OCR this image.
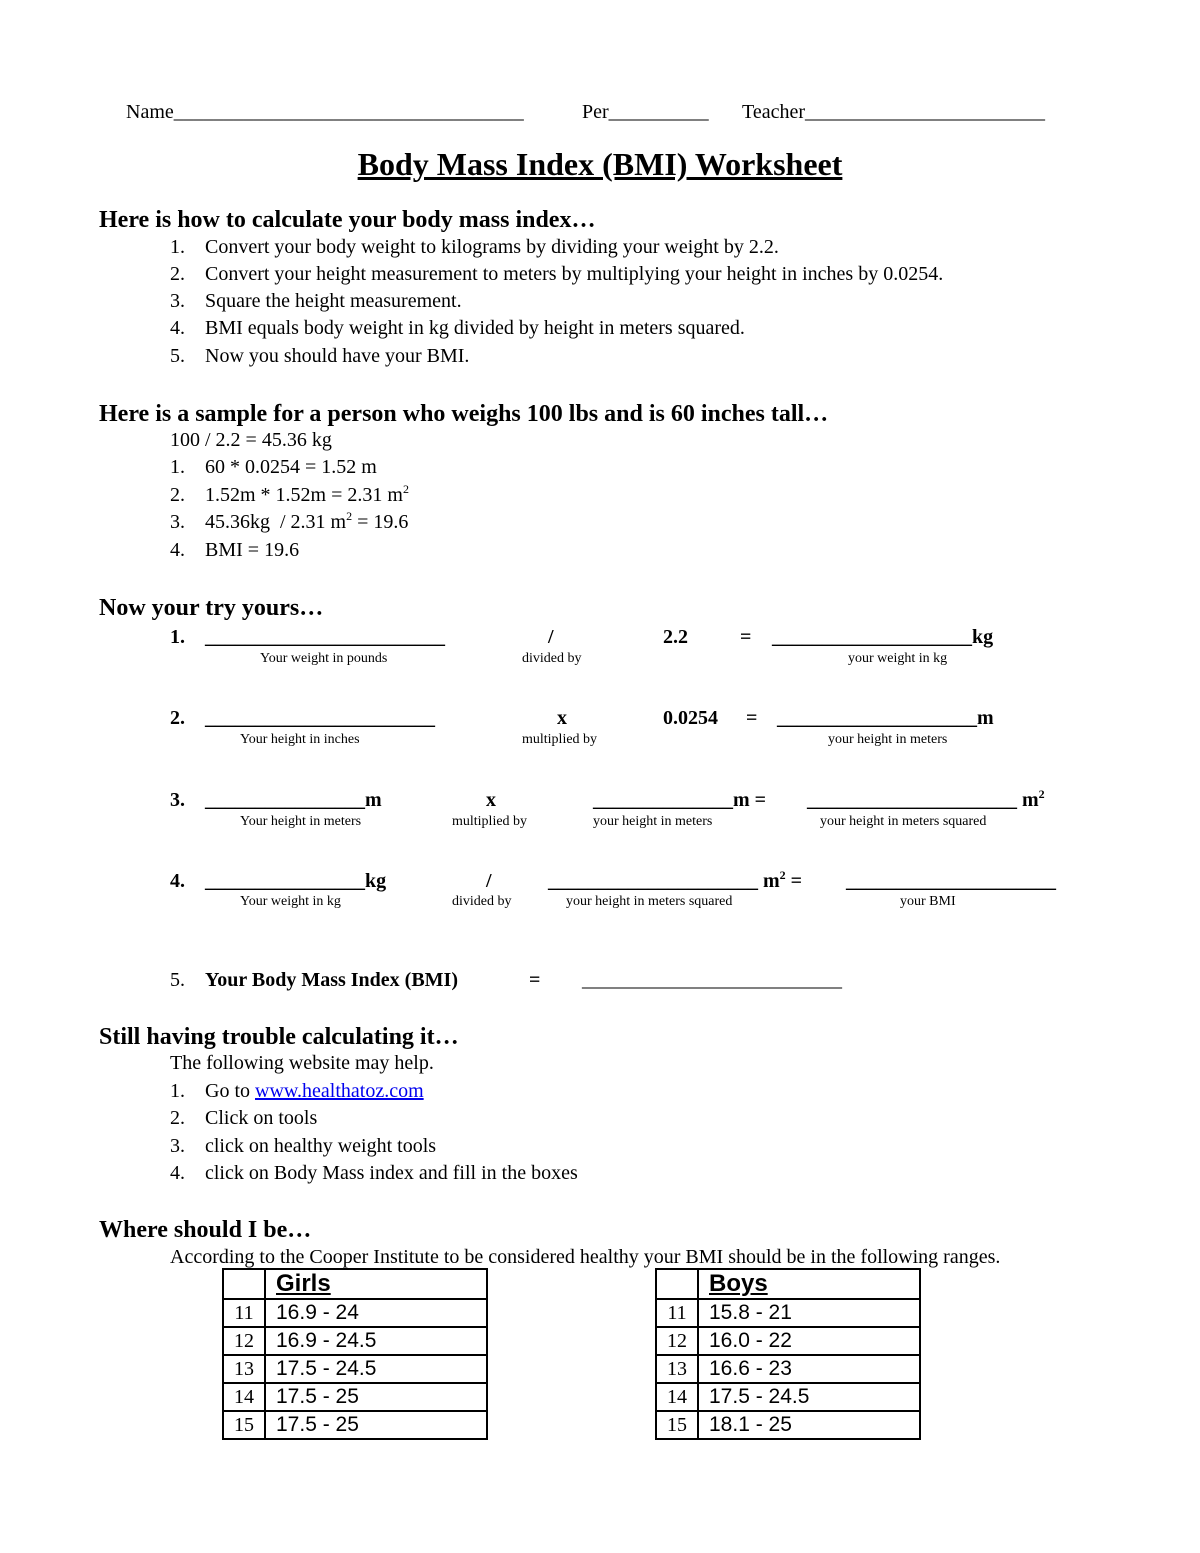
Name___________________________________	Per__________ Teacher________________________
Body Mass Index (BMI) Worksheet
Here is how to calculate your body mass index…
1. Convert your body weight to kilograms by dividing your weight by 2.2.
2. Convert your height measurement to meters by multiplying your height in inches by 0.0254.
3. Square the height measurement.
4. BMI equals body weight in kg divided by height in meters squared.
5. Now you should have your BMI.
Here is a sample for a person who weighs 100 lbs and is 60 inches tall…
100 / 2.2 = 45.36 kg
1. 60 * 0.0254 = 1.52 m
2. 1.52m * 1.52m = 2.31 $m^2$
3. 45.36kg  / 2.31 $m^2 = 19.6$
4. BMI = 19.6
Now your try yours…
1. ________________________	/	2.2	= ____________________kg
Your weight in pounds	divided by	your weight in kg
2. _______________________	x	0.0254 = ____________________m
Your height in inches	multiplied by	your height in meters
3. ________________m	x	______________m = _____________________ $m^2$
Your height in meters	multiplied by	your height in meters	your height in meters squared
4. ________________kg	/	_____________________ $m^2$ = _____________________
Your weight in kg	divided by	your height in meters squared	your BMI
5. Your Body Mass Index (BMI)	= __________________________
Still having trouble calculating it…
The following website may help.
1. Go to www.healthatoz.com
2. Click on tools
3. click on healthy weight tools
4. click on Body Mass index and fill in the boxes
Where should I be…
According to the Cooper Institute to be considered healthy your BMI should be in the following ranges.
	Girls
11	16.9 - 24
12	16.9 - 24.5
13	17.5 - 24.5
14	17.5 - 25
15	17.5 - 25
	Boys
11	15.8 - 21
12	16.0 - 22
13	16.6 - 23
14	17.5 - 24.5
15	18.1 - 25
